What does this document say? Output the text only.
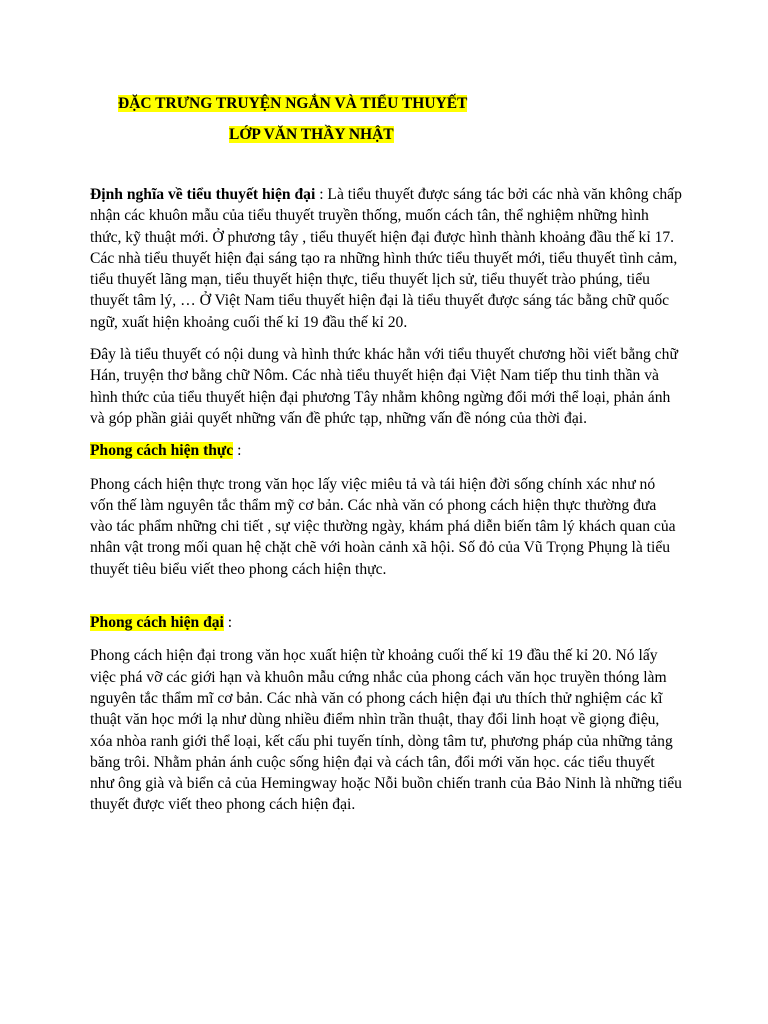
ĐẶC TRƯNG TRUYỆN NGẮN VÀ TIỂU THUYẾT
LỚP VĂN THẦY NHẬT

Định nghĩa về tiểu thuyết hiện đại : Là tiểu thuyết được sáng tác bởi các nhà văn không chấp nhận các khuôn mẫu của tiểu thuyết truyền thống, muốn cách tân, thể nghiệm những hình thức, kỹ thuật mới. Ở phương tây , tiểu thuyết hiện đại được hình thành khoảng đầu thế kỉ 17. Các nhà tiểu thuyết hiện đại sáng tạo ra những hình thức tiểu thuyết mới, tiểu thuyết tình cảm, tiểu thuyết lãng mạn, tiểu thuyết hiện thực, tiểu thuyết lịch sử, tiểu thuyết trào phúng, tiểu thuyết tâm lý, … Ở Việt Nam tiểu thuyết hiện đại là tiểu thuyết được sáng tác bằng chữ quốc ngữ, xuất hiện khoảng cuối thế kỉ 19 đầu thế kỉ 20.

Đây là tiểu thuyết có nội dung và hình thức khác hẳn với tiểu thuyết chương hồi viết bằng chữ Hán, truyện thơ bằng chữ Nôm. Các nhà tiểu thuyết hiện đại Việt Nam tiếp thu tinh thần và hình thức của tiểu thuyết hiện đại phương Tây nhằm không ngừng đổi mới thể loại, phản ánh và góp phần giải quyết những vấn đề phức tạp, những vấn đề nóng của thời đại.

Phong cách hiện thực :

Phong cách hiện thực trong văn học lấy việc miêu tả và tái hiện đời sống chính xác như nó vốn thế làm nguyên tắc thẩm mỹ cơ bản. Các nhà văn có phong cách hiện thực thường đưa vào tác phẩm những chi tiết , sự việc thường ngày, khám phá diễn biến tâm lý khách quan của nhân vật trong mối quan hệ chặt chẽ với hoàn cảnh xã hội. Số đỏ của Vũ Trọng Phụng là tiểu thuyết tiêu biểu viết theo phong cách hiện thực.

Phong cách hiện đại :

Phong cách hiện đại trong văn học xuất hiện từ khoảng cuối thế kỉ 19 đầu thế kỉ 20. Nó lấy việc phá vỡ các giới hạn và khuôn mẫu cứng nhắc của phong cách văn học truyền thóng làm nguyên tắc thẩm mĩ cơ bản. Các nhà văn có phong cách hiện đại ưu thích thử nghiệm các kĩ thuật văn học mới lạ như dùng nhiều điểm nhìn trần thuật, thay đổi linh hoạt về giọng điệu, xóa nhòa ranh giới thể loại, kết cấu phi tuyến tính, dòng tâm tư, phương pháp của những tảng băng trôi. Nhằm phản ánh cuộc sống hiện đại và cách tân, đổi mới văn học. các tiểu thuyết như ông già và biển cả của Hemingway hoặc Nỗi buồn chiến tranh của Bảo Ninh là những tiểu thuyết được viết theo phong cách hiện đại.
